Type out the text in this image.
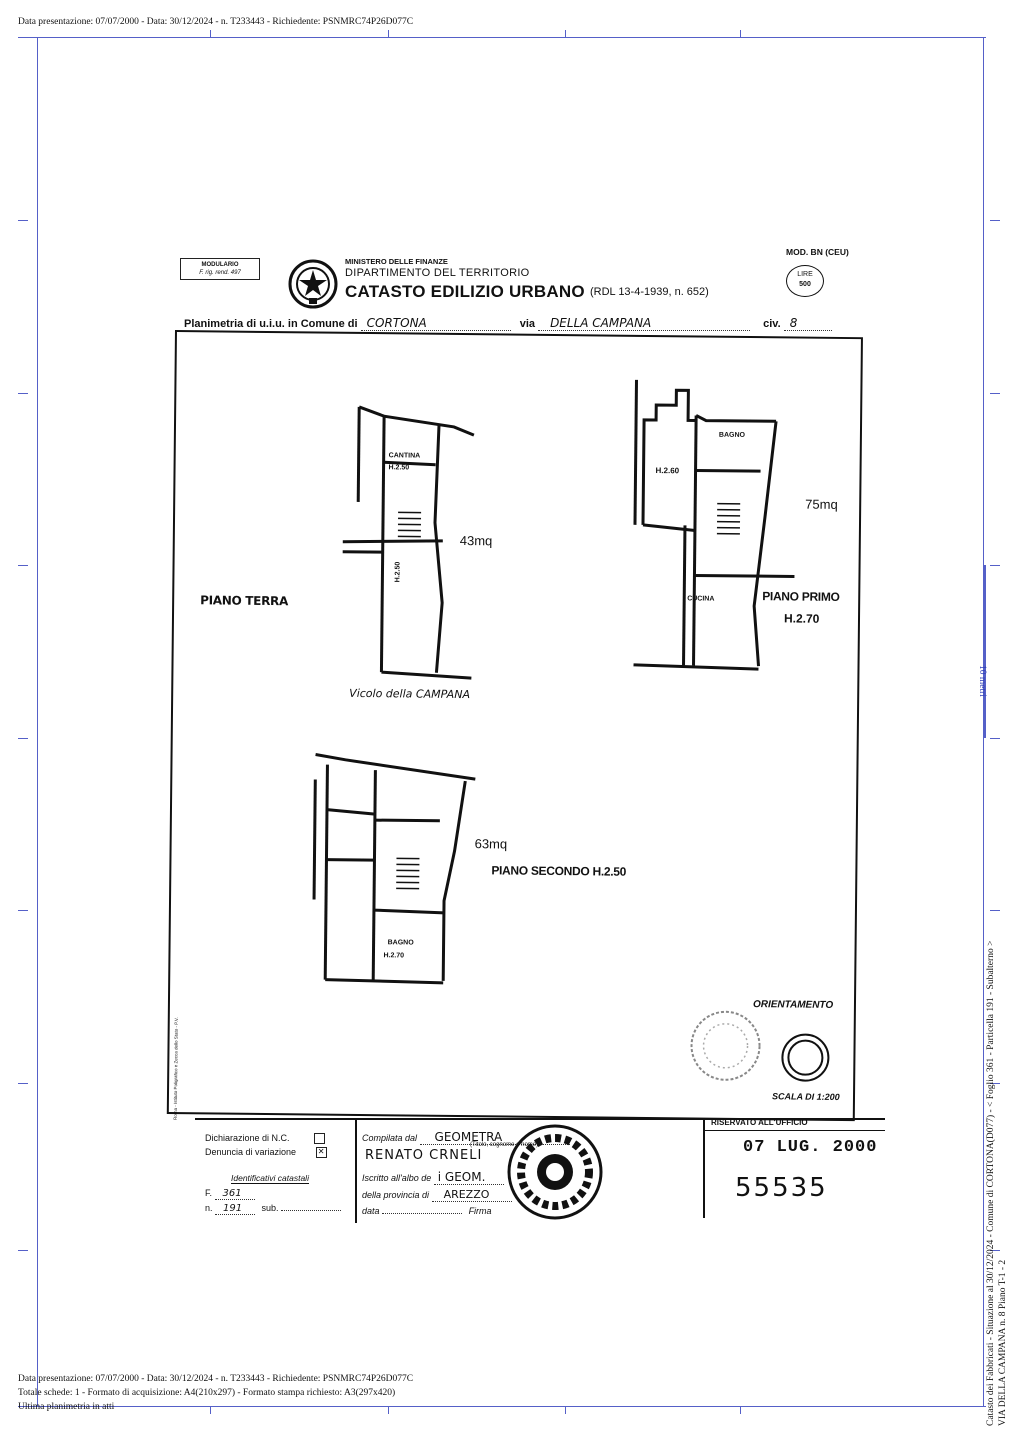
10 metri
Data presentazione: 07/07/2000 - Data: 30/12/2024 - n. T233443 - Richiedente: PSNMRC74P26D077C
Data presentazione: 07/07/2000 - Data: 30/12/2024 - n. T233443 - Richiedente: PSNMRC74P26D077C
Totale schede: 1 - Formato di acquisizione: A4(210x297) - Formato stampa richiesto: A3(297x420)
Ultima planimetria in atti	Catasto dei Fabbricati - Situazione al 30/12/2024 - Comune di CORTONA(D077) - < Foglio 361 - Particella 191 - Subalterno > VIA DELLA CAMPANA n. 8 Piano T-1 - 2
MODULARIO
F. rig. rend. 497
MINISTERO DELLE FINANZE
DIPARTIMENTO DEL TERRITORIO
CATASTO EDILIZIO URBANO (RDL 13-4-1939, n. 652)
MOD. BN (CEU)
LIRE
500
Planimetria di u.i.u. in Comune di CORTONA	via DELLA CAMPANA	civ. 8
CANTINA
H.2.50
H.2.50
43mq
PIANO TERRA
Vicolo della CAMPANA
BAGNO
H.2.60
CUCINA
75mq
PIANO PRIMO
H.2.70
BAGNO
H.2.70
63mq
PIANO SECONDO H.2.50
Roma - Istituto Poligrafico e Zecca dello Stato - P.V.
ORIENTAMENTO
SCALA DI 1:200
Dichiarazione di N.C.
Denuncia di variazione	✕
Identificativi catastali
F. 361
n. 191 sub.
Compilata dal GEOMETRA
(Titolo, cognome e nome)
RENATO CRNELI
Iscritto all'albo de i GEOM.
della provincia di AREZZO
data	Firma
RISERVATO ALL'UFFICIO
07 LUG. 2000
55535
